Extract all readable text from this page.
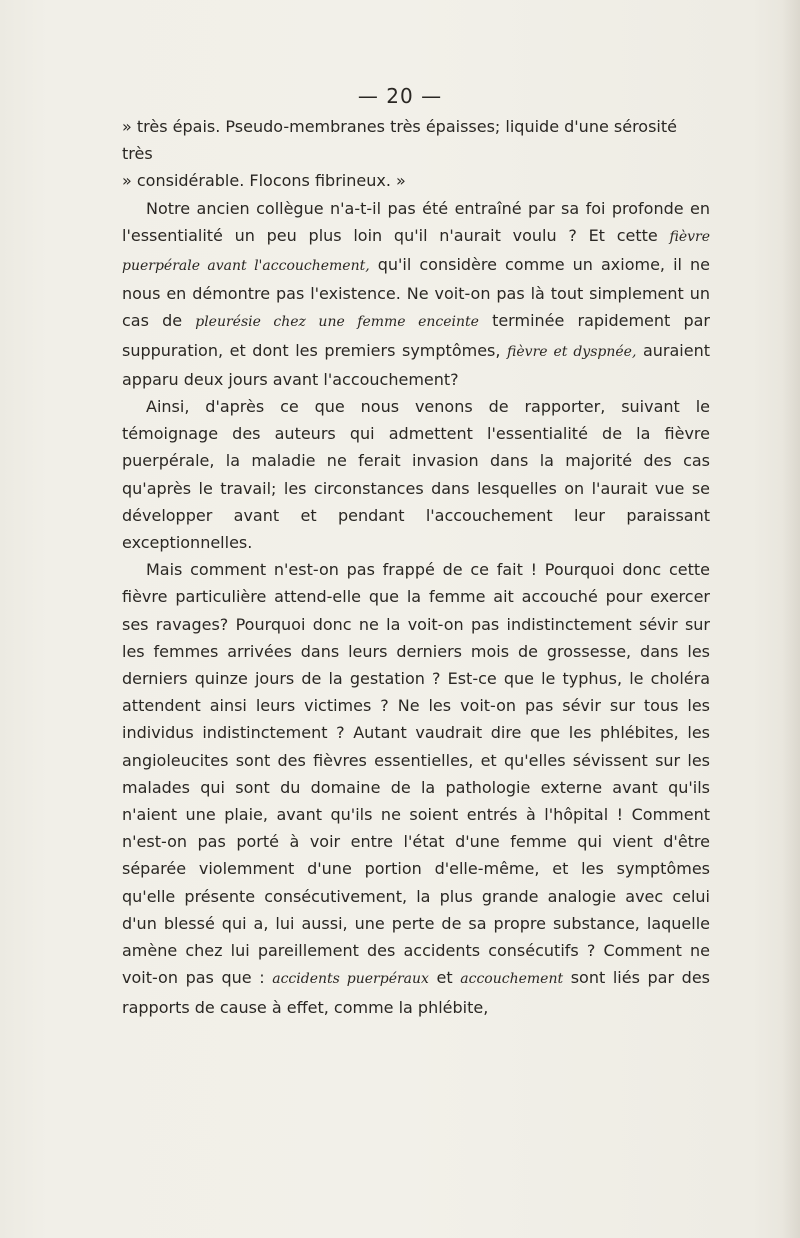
— 20 —

» très épais. Pseudo-membranes très épaisses; liquide d'une sérosité très

» considérable. Flocons fibrineux. »

Notre ancien collègue n'a-t-il pas été entraîné par sa foi profonde en l'essentialité un peu plus loin qu'il n'aurait voulu ? Et cette fièvre puerpérale avant l'accouchement, qu'il considère comme un axiome, il ne nous en démontre pas l'existence. Ne voit-on pas là tout simplement un cas de pleurésie chez une femme enceinte terminée rapidement par suppuration, et dont les premiers symptômes, fièvre et dyspnée, auraient apparu deux jours avant l'accouchement?

Ainsi, d'après ce que nous venons de rapporter, suivant le témoignage des auteurs qui admettent l'essentialité de la fièvre puerpérale, la maladie ne ferait invasion dans la majorité des cas qu'après le travail; les circonstances dans lesquelles on l'aurait vue se développer avant et pendant l'accouchement leur paraissant exceptionnelles.

Mais comment n'est-on pas frappé de ce fait ! Pourquoi donc cette fièvre particulière attend-elle que la femme ait accouché pour exercer ses ravages? Pourquoi donc ne la voit-on pas indistinctement sévir sur les femmes arrivées dans leurs derniers mois de grossesse, dans les derniers quinze jours de la gestation ? Est-ce que le typhus, le choléra attendent ainsi leurs victimes ? Ne les voit-on pas sévir sur tous les individus indistinctement ? Autant vaudrait dire que les phlébites, les angioleucites sont des fièvres essentielles, et qu'elles sévissent sur les malades qui sont du domaine de la pathologie externe avant qu'ils n'aient une plaie, avant qu'ils ne soient entrés à l'hôpital ! Comment n'est-on pas porté à voir entre l'état d'une femme qui vient d'être séparée violemment d'une portion d'elle-même, et les symptômes qu'elle présente consécutivement, la plus grande analogie avec celui d'un blessé qui a, lui aussi, une perte de sa propre substance, laquelle amène chez lui pareillement des accidents consécutifs ? Comment ne voit-on pas que : accidents puerpéraux et accouchement sont liés par des rapports de cause à effet, comme la phlébite,
